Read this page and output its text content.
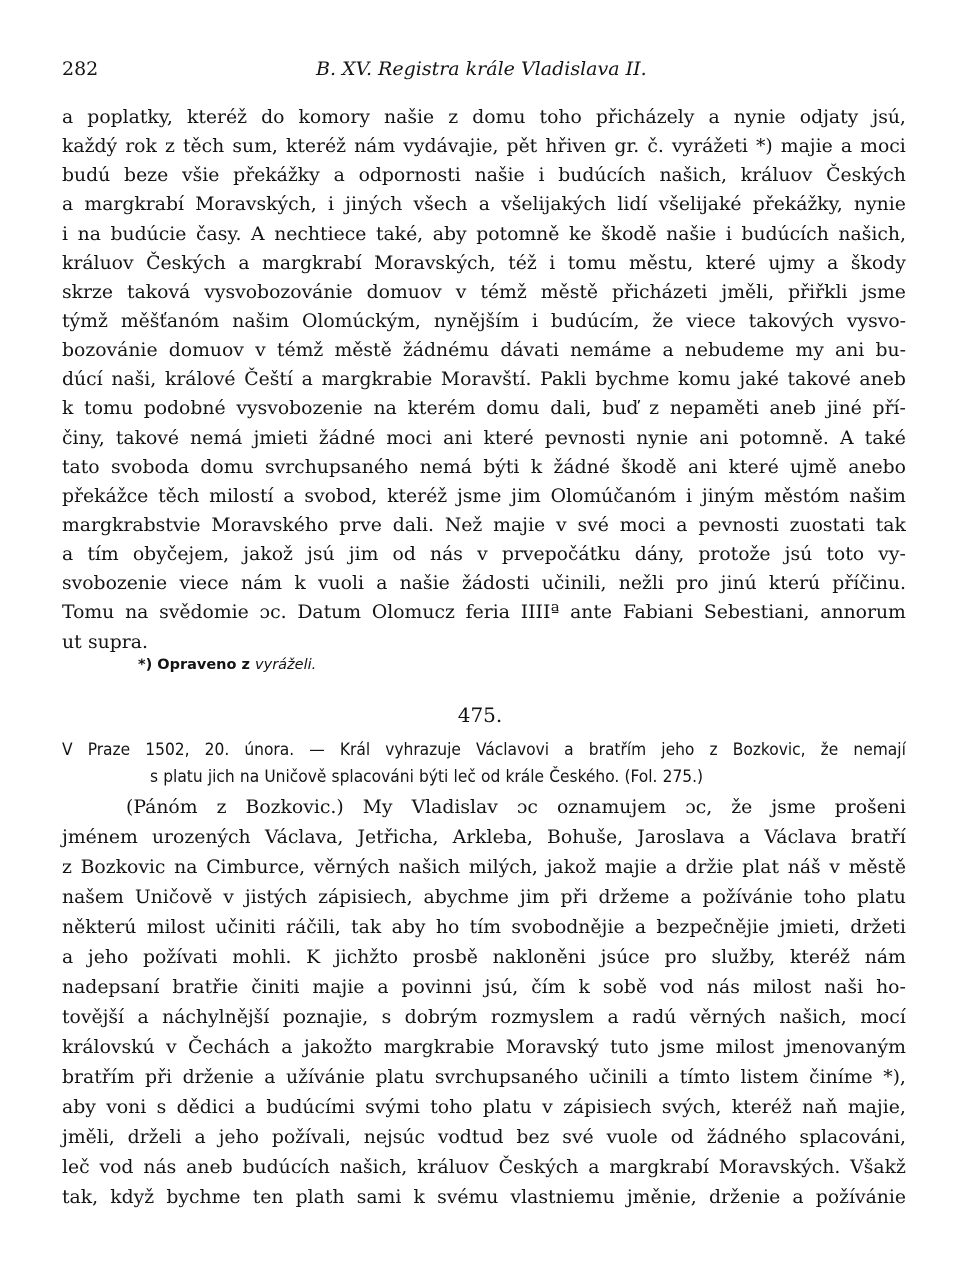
282	B. XV. Registra krále Vladislava II.
a poplatky, kteréž do komory našie z domu toho přicházely a nynie odjaty jsú,
každý rok z těch sum, kteréž nám vydávajie, pět hřiven gr. č. vyrážeti *) majie a moci
budú beze všie překážky a odpornosti našie i budúcích našich, králuov Českých
a margkrabí Moravských, i jiných všech a všelijakých lidí všelijaké překážky, nynie
i na budúcie časy. A nechtiece také, aby potomně ke škodě našie i budúcích našich,
králuov Českých a margkrabí Moravských, též i tomu městu, které ujmy a škody
skrze taková vysvobozovánie domuov v témž městě přicházeti jměli, přiřkli jsme
týmž měšťanóm našim Olomúckým, nynějším i budúcím, že viece takových vysvo-
bozovánie domuov v témž městě žádnému dávati nemáme a nebudeme my ani bu-
dúcí naši, králové Čeští a margkrabie Moravští. Pakli bychme komu jaké takové aneb
k tomu podobné vysvobozenie na kterém domu dali, buď z nepaměti aneb jiné pří-
činy, takové nemá jmieti žádné moci ani které pevnosti nynie ani potomně. A také
tato svoboda domu svrchupsaného nemá býti k žádné škodě ani které ujmě anebo
překážce těch milostí a svobod, kteréž jsme jim Olomúčanóm i jiným městóm našim
margkrabstvie Moravského prve dali. Než majie v své moci a pevnosti zuostati tak
a tím obyčejem, jakož jsú jim od nás v prvepočátku dány, protože jsú toto vy-
svobozenie viece nám k vuoli a našie žádosti učinili, nežli pro jinú kterú příčinu.
Tomu na svědomie ɔc. Datum Olomucz feria IIIIª ante Fabiani Sebestiani, annorum
ut supra.
*) Opraveno z vyráželi.
475.
V Praze 1502, 20. února. — Král vyhrazuje Václavovi a bratřím jeho z Bozkovic, že nemají
s platu jich na Uničově splacováni býti leč od krále Českého. (Fol. 275.)
(Pánóm z Bozkovic.) My Vladislav ɔc oznamujem ɔc, že jsme prošeni
jménem urozených Václava, Jetřicha, Arkleba, Bohuše, Jaroslava a Václava bratří
z Bozkovic na Cimburce, věrných našich milých, jakož majie a držie plat náš v městě
našem Uničově v jistých zápisiech, abychme jim při držeme a požívánie toho platu
některú milost učiniti ráčili, tak aby ho tím svobodnějie a bezpečnějie jmieti, držeti
a jeho požívati mohli. K jichžto prosbě nakloněni jsúce pro služby, kteréž nám
nadepsaní bratřie činiti majie a povinni jsú, čím k sobě vod nás milost naši ho-
tovější a náchylnější poznajie, s dobrým rozmyslem a radú věrných našich, mocí
královskú v Čechách a jakožto margkrabie Moravský tuto jsme milost jmenovaným
bratřím při drženie a užívánie platu svrchupsaného učinili a tímto listem činíme *),
aby voni s dědici a budúcími svými toho platu v zápisiech svých, kteréž naň majie,
jměli, drželi a jeho požívali, nejsúc vodtud bez své vuole od žádného splacováni,
leč vod nás aneb budúcích našich, králuov Českých a margkrabí Moravských. Všakž
tak, když bychme ten plath sami k svému vlastniemu jměnie, drženie a požívánie
